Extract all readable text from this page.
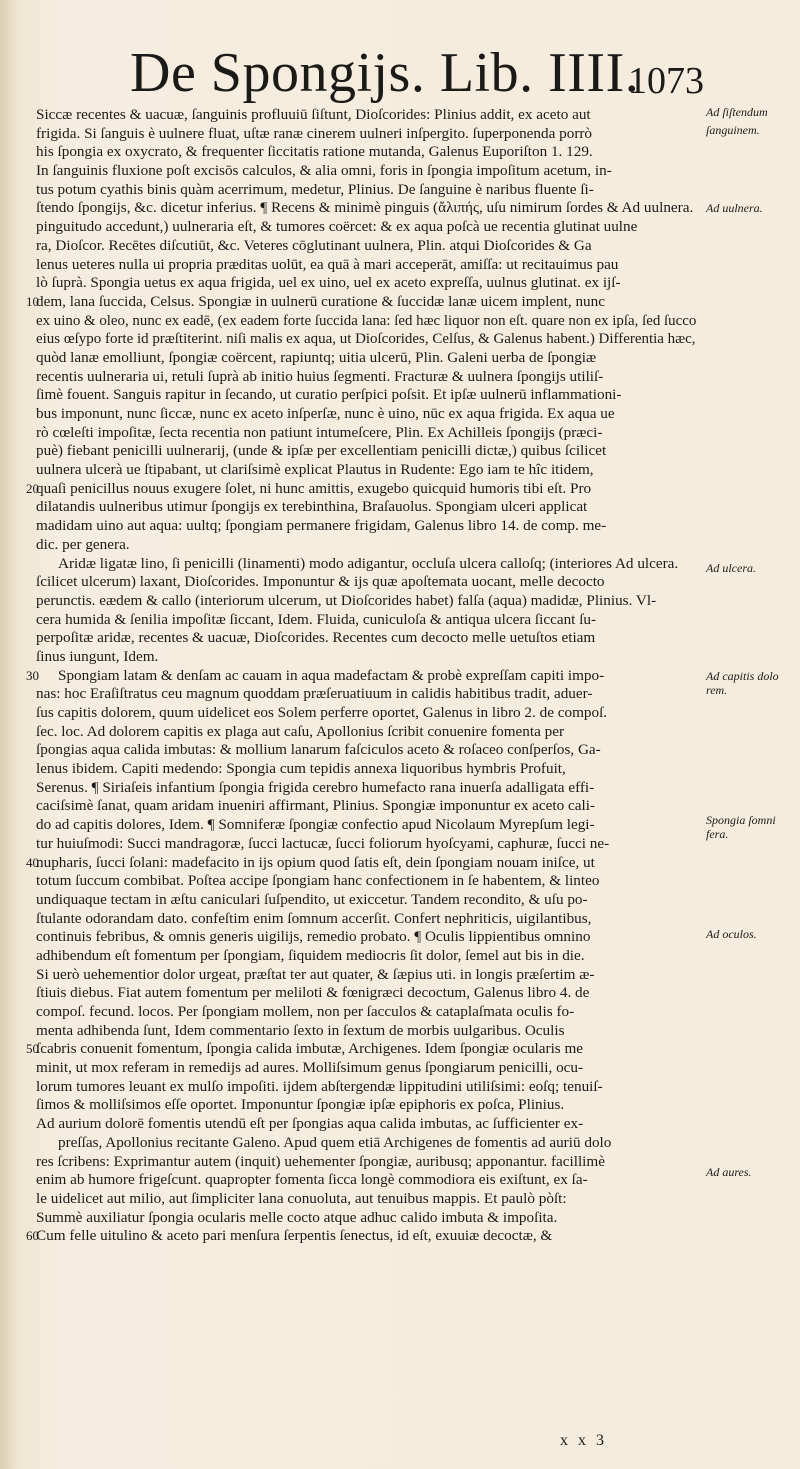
De Spongijs. Lib. IIII.
1073
Siccæ recentes & uacuæ, ſanguinis profluuiū ſiſtunt, Dioſcorides: Plinius addit, ex aceto aut
frigida. Si ſanguis è uulnere fluat, uſtæ ranæ cinerem uulneri inſpergito. ſuperponenda porrò
his ſpongia ex oxycrato, & frequenter ſiccitatis ratione mutanda, Galenus Euporiſton 1. 129.
In ſanguinis fluxione poſt excisōs calculos, & alia omni, foris in ſpongia impoſitum acetum, in-
tus potum cyathis binis quàm acerrimum, medetur, Plinius. De ſanguine è naribus fluente ſi-
ſtendo ſpongijs, &c. dicetur inferius. ¶ Recens & minimè pinguis (ἄλιπής, uſu nimirum ſordes & Ad uulnera.
pinguitudo accedunt,) uulneraria eſt, & tumores coërcet: & ex aqua poſcà ue recentia glutinat uulne
ra, Dioſcor. Recētes diſcutiūt, &c. Veteres cōglutinant uulnera, Plin. atqui Dioſcorides & Ga
lenus ueteres nulla ui propria præditas uolūt, ea quā à mari acceperāt, amiſſa: ut recitauimus pau
lò ſuprà. Spongia uetus ex aqua frigida, uel ex uino, uel ex aceto expreſſa, uulnus glutinat. ex ijſ-
10
dem, lana ſuccida, Celsus. Spongiæ in uulnerū curatione & ſuccidæ lanæ uicem implent, nunc
ex uino & oleo, nunc ex eadē, (ex eadem forte ſuccida lana: ſed hæc liquor non eſt. quare non ex ipſa, ſed ſucco
eius œſypo forte id præſtiterint. niſi malis ex aqua, ut Dioſcorides, Celſus, & Galenus habent.) Differentia hæc,
quòd lanæ emolliunt, ſpongiæ coërcent, rapiuntq; uitia ulcerū, Plin. Galeni uerba de ſpongiæ
recentis uulneraria ui, retuli ſuprà ab initio huius ſegmenti. Fracturæ & uulnera ſpongijs utiliſ-
ſimè fouent. Sanguis rapitur in ſecando, ut curatio perſpici poſsit. Et ipſæ uulnerū inflammationi-
bus imponunt, nunc ſiccæ, nunc ex aceto inſperſæ, nunc è uino, nūc ex aqua frigida. Ex aqua ue
rò cœleſti impoſitæ, ſecta recentia non patiunt intumeſcere, Plin. Ex Achilleis ſpongijs (præci-
puè) fiebant penicilli uulnerarij, (unde & ipſæ per excellentiam penicilli dictæ,) quibus ſcilicet
uulnera ulcerà ue ſtipabant, ut clariſsimè explicat Plautus in Rudente: Ego iam te hîc itidem,
20
quaſi penicillus nouus exugere ſolet, ni hunc amittis, exugebo quicquid humoris tibi eſt. Pro
dilatandis uulneribus utimur ſpongijs ex terebinthina, Braſauolus. Spongiam ulceri applicat
madidam uino aut aqua: uultq; ſpongiam permanere frigidam, Galenus libro 14. de comp. me-
dic. per genera.
Aridæ ligatæ lino, ſi penicilli (linamenti) modo adigantur, occluſa ulcera calloſq; (interiores Ad ulcera.
ſcilicet ulcerum) laxant, Dioſcorides. Imponuntur & ijs quæ apoſtemata uocant, melle decocto
perunctis. eædem & callo (interiorum ulcerum, ut Dioſcorides habet) falſa (aqua) madidæ, Plinius. Vl-
cera humida & ſenilia impoſitæ ſiccant, Idem. Fluida, cuniculoſa & antiqua ulcera ſiccant ſu-
perpoſitæ aridæ, recentes & uacuæ, Dioſcorides. Recentes cum decocto melle uetuſtos etiam
ſinus iungunt, Idem.
30	Spongiam latam & denſam ac cauam in aqua madefactam & probè expreſſam capiti impo-
nas: hoc Eraſiſtratus ceu magnum quoddam præſeruatiuum in calidis habitibus tradit, aduer-
ſus capitis dolorem, quum uidelicet eos Solem perferre oportet, Galenus in libro 2. de compoſ.
ſec. loc. Ad dolorem capitis ex plaga aut caſu, Apollonius ſcribit conuenire fomenta per
ſpongias aqua calida imbutas: & mollium lanarum faſciculos aceto & roſaceo conſperſos, Ga-
lenus ibidem. Capiti medendo: Spongia cum tepidis annexa liquoribus hymbris Profuit,
Serenus. ¶ Siriaſeis infantium ſpongia frigida cerebro humefacto rana inuerſa adalligata effi-
caciſsimè ſanat, quam aridam inueniri affirmant, Plinius. Spongiæ imponuntur ex aceto cali-
do ad capitis dolores, Idem. ¶ Somniferæ ſpongiæ confectio apud Nicolaum Myrepſum legi-
tur huiuſmodi: Succi mandragoræ, ſucci lactucæ, ſucci foliorum hyoſcyami, caphuræ, ſucci ne-
40
nupharis, ſucci ſolani: madefacito in ijs opium quod ſatis eſt, dein ſpongiam nouam iniſce, ut
totum ſuccum combibat. Poſtea accipe ſpongiam hanc confectionem in ſe habentem, & linteo
undiquaque tectam in æſtu caniculari ſuſpendito, ut exiccetur. Tandem recondito, & uſu po-
ſtulante odorandam dato. confeſtim enim ſomnum accerſit. Confert nephriticis, uigilantibus,
continuis febribus, & omnis generis uigilijs, remedio probato. ¶ Oculis lippientibus omnino
adhibendum eſt fomentum per ſpongiam, ſiquidem mediocris ſit dolor, ſemel aut bis in die.
Si uerò uehementior dolor urgeat, præſtat ter aut quater, & ſæpius uti. in longis præſertim æ-
ſtiuis diebus. Fiat autem fomentum per meliloti & fœnigræci decoctum, Galenus libro 4. de
compoſ. fecund. locos. Per ſpongiam mollem, non per ſacculos & cataplaſmata oculis fo-
menta adhibenda ſunt, Idem commentario ſexto in ſextum de morbis uulgaribus. Oculis
50
ſcabris conuenit fomentum, ſpongia calida imbutæ, Archigenes. Idem ſpongiæ ocularis me
minit, ut mox referam in remedijs ad aures. Molliſsimum genus ſpongiarum penicilli, ocu-
lorum tumores leuant ex mulſo impoſiti. ijdem abſtergendæ lippitudini utiliſsimi: eoſq; tenuiſ-
ſimos & molliſsimos eſſe oportet. Imponuntur ſpongiæ ipſæ epiphoris ex poſca, Plinius.
Ad aurium dolorē fomentis utendū eſt per ſpongias aqua calida imbutas, ac ſufficienter ex-
preſſas, Apollonius recitante Galeno. Apud quem etiā Archigenes de fomentis ad auriū dolo
res ſcribens: Exprimantur autem (inquit) uehementer ſpongiæ, auribusq; apponantur. facillimè
enim ab humore frigeſcunt. quapropter fomenta ſicca longè commodiora eis exiſtunt, ex ſa-
le uidelicet aut milio, aut ſimpliciter lana conuoluta, aut tenuibus mappis. Et paulò pòſt:
Summè auxiliatur ſpongia ocularis melle cocto atque adhuc calido imbuta & impoſita.
60
Cum felle uitulino & aceto pari menſura ſerpentis ſenectus, id eſt, exuuiæ decoctæ, &
Ad ſiſtendum
ſanguinem.
Ad uulnera.
Ad ulcera.
Ad capitis dolo
rem.
Spongia ſomni
fera.
Ad oculos.
Ad aures.
x x 3
